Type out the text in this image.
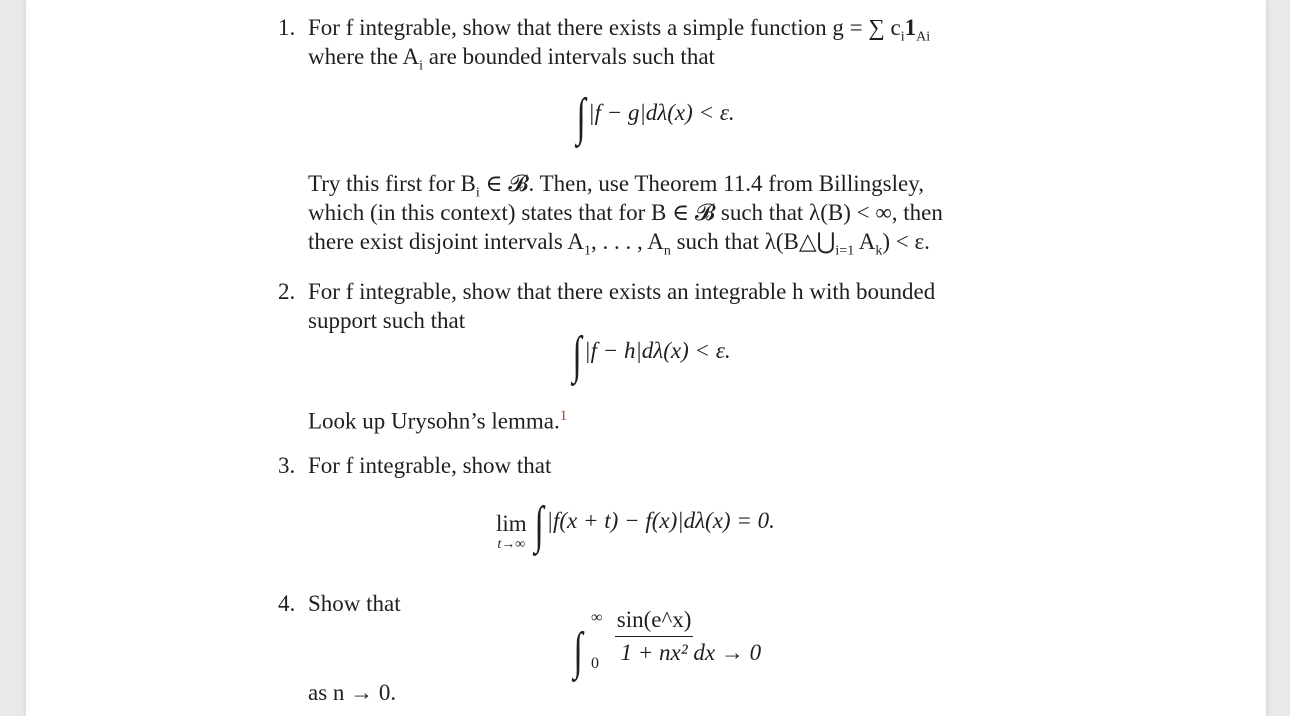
1. For f integrable, show that there exists a simple function g = ∑ $c_i1_{Ai}$
where the $A_i$ are bounded intervals such that
∫ |f − g|dλ(x) < ε.
Try this first for $B_i$ ∈ 𝓑. Then, use Theorem 11.4 from Billingsley,
which (in this context) states that for B ∈ 𝓑 such that λ(B) < ∞, then
there exist disjoint intervals $A_1$, . . . , $A_n$ such that $\lambda(B\triangle⋃_{i=1}$ $A_k) < \varepsilon$.
2. For f integrable, show that there exists an integrable h with bounded
support such that
∫ |f − h|dλ(x) < ε.
Look up Urysohn’s lemma.$^1$
3. For f integrable, show that
lim
t→∞ ∫ |f(x + t) − f(x)|dλ(x) = 0.
4. Show that
∫
∞
0
$\frac{\sin(e\^{}x)}{\text{1 + nx²}}$ dx → 0
as n → 0.
